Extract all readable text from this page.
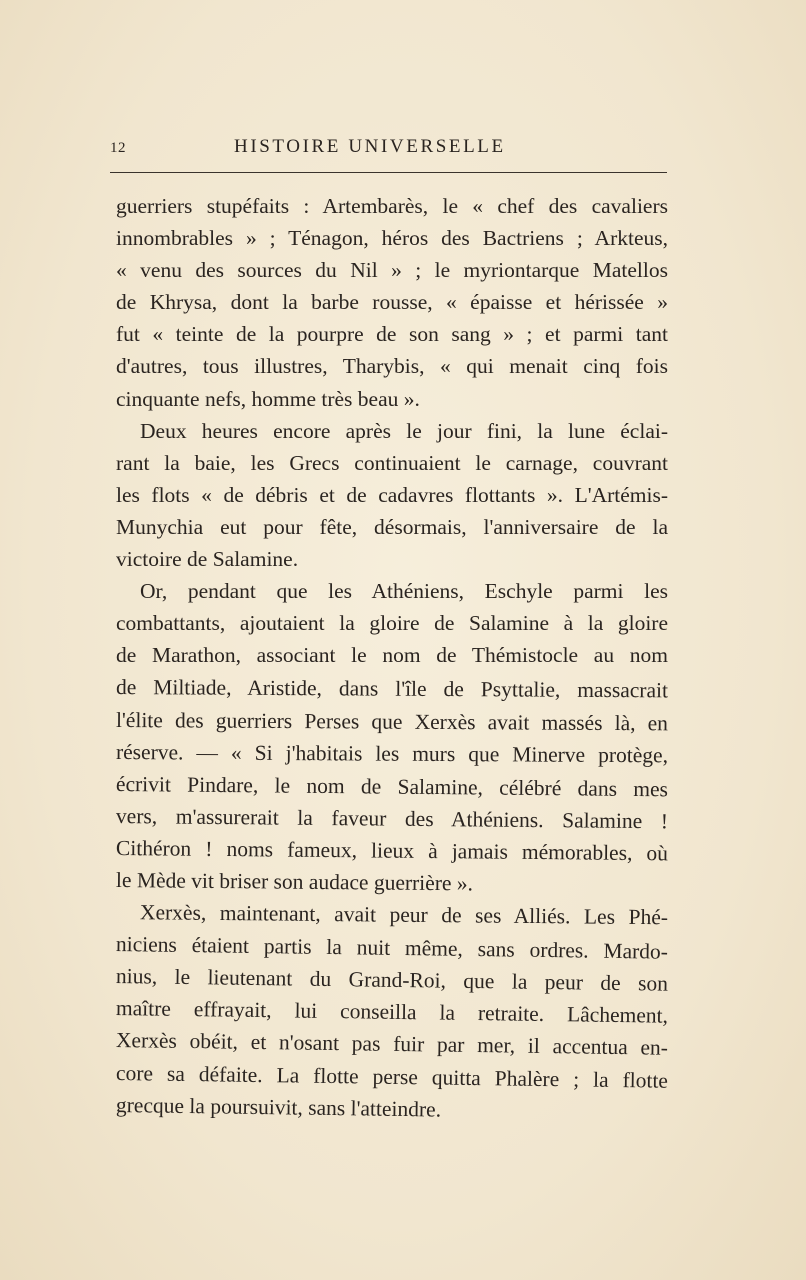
12	HISTOIRE UNIVERSELLE
guerriers stupéfaits : Artembarès, le « chef des cavaliers
innombrables » ; Ténagon, héros des Bactriens ; Arkteus,
« venu des sources du Nil » ; le myriontarque Matellos
de Khrysa, dont la barbe rousse, « épaisse et hérissée »
fut « teinte de la pourpre de son sang » ; et parmi tant
d'autres, tous illustres, Tharybis, « qui menait cinq fois
cinquante nefs, homme très beau ».
Deux heures encore après le jour fini, la lune éclai-
rant la baie, les Grecs continuaient le carnage, couvrant
les flots « de débris et de cadavres flottants ». L'Artémis-
Munychia eut pour fête, désormais, l'anniversaire de la
victoire de Salamine.
Or, pendant que les Athéniens, Eschyle parmi les
combattants, ajoutaient la gloire de Salamine à la gloire
de Marathon, associant le nom de Thémistocle au nom
de Miltiade, Aristide, dans l'île de Psyttalie, massacrait
l'élite des guerriers Perses que Xerxès avait massés là, en
réserve. — « Si j'habitais les murs que Minerve protège,
écrivit Pindare, le nom de Salamine, célébré dans mes
vers, m'assurerait la faveur des Athéniens. Salamine !
Cithéron ! noms fameux, lieux à jamais mémorables, où
le Mède vit briser son audace guerrière ».
Xerxès, maintenant, avait peur de ses Alliés. Les Phé-
niciens étaient partis la nuit même, sans ordres. Mardo-
nius, le lieutenant du Grand-Roi, que la peur de son
maître effrayait, lui conseilla la retraite. Lâchement,
Xerxès obéit, et n'osant pas fuir par mer, il accentua en-
core sa défaite. La flotte perse quitta Phalère ; la flotte
grecque la poursuivit, sans l'atteindre.
